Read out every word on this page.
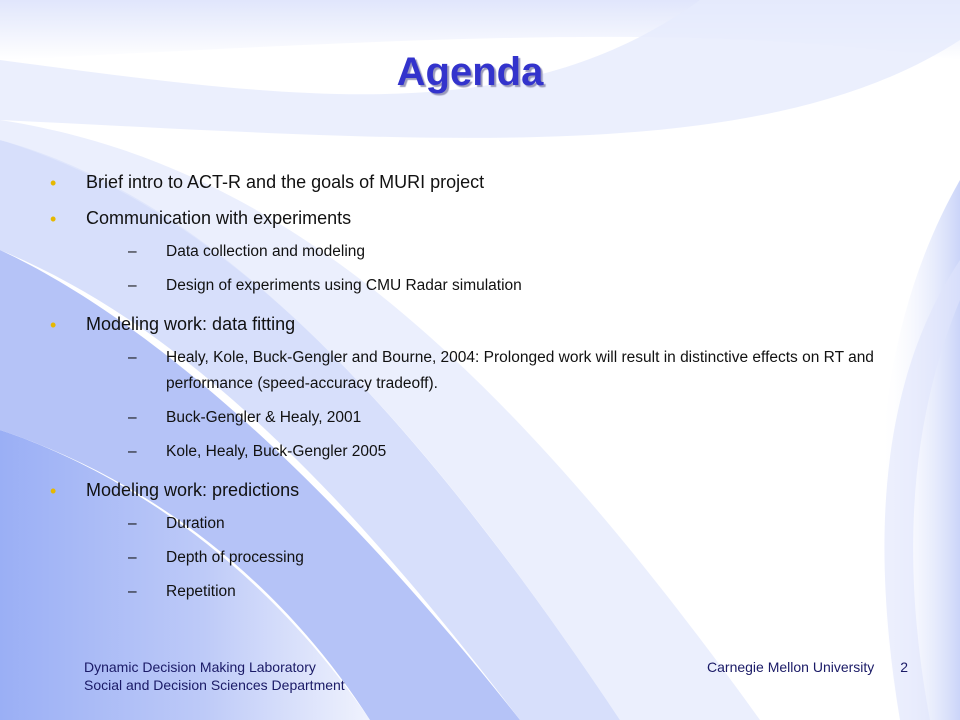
Agenda
• Brief intro to ACT-R and the goals of MURI project
• Communication with experiments
– Data collection and modeling
– Design of experiments using CMU Radar simulation
• Modeling work: data fitting
– Healy, Kole, Buck-Gengler and Bourne, 2004: Prolonged work will result in distinctive effects on RT and performance (speed-accuracy tradeoff).
– Buck-Gengler & Healy, 2001
– Kole, Healy, Buck-Gengler 2005
• Modeling work: predictions
– Duration
– Depth of processing
– Repetition
Dynamic Decision Making Laboratory
Social and Decision Sciences Department
Carnegie Mellon University 2
